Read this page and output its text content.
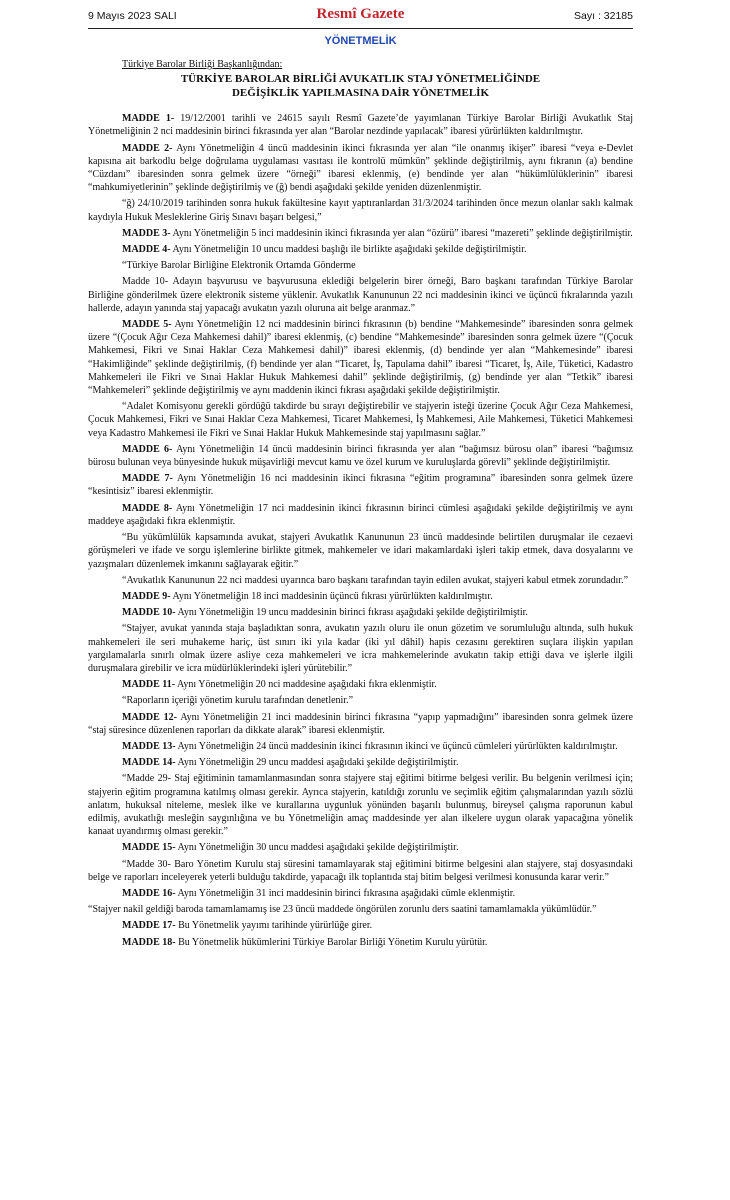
9 Mayıs 2023 SALI	Resmî Gazete	Sayı : 32185
YÖNETMELİK
Türkiye Barolar Birliği Başkanlığından:
TÜRKİYE BAROLAR BİRLİĞİ AVUKATLIK STAJ YÖNETMELİĞİNDE
DEĞİŞİKLİK YAPILMASINA DAİR YÖNETMELİK

MADDE 1- 19/12/2001 tarihli ve 24615 sayılı Resmî Gazete’de yayımlanan Türkiye Barolar Birliği Avukatlık Staj Yönetmeliğinin 2 nci maddesinin birinci fıkrasında yer alan “Barolar nezdinde yapılacak” ibaresi yürürlükten kaldırılmıştır.

MADDE 2- Aynı Yönetmeliğin 4 üncü maddesinin ikinci fıkrasında yer alan “ile onanmış ikişer” ibaresi “veya e-Devlet kapısına ait barkodlu belge doğrulama uygulaması vasıtası ile kontrolü mümkün” şeklinde değiştirilmiş, aynı fıkranın (a) bendine “Cüzdanı” ibaresinden sonra gelmek üzere “örneği” ibaresi eklenmiş, (e) bendinde yer alan “hükümlülüklerinin” ibaresi “mahkumiyetlerinin” şeklinde değiştirilmiş ve (ğ) bendi aşağıdaki şekilde yeniden düzenlenmiştir.

“ğ) 24/10/2019 tarihinden sonra hukuk fakültesine kayıt yaptıranlardan 31/3/2024 tarihinden önce mezun olanlar saklı kalmak kaydıyla Hukuk Mesleklerine Giriş Sınavı başarı belgesi,”

MADDE 3- Aynı Yönetmeliğin 5 inci maddesinin ikinci fıkrasında yer alan “özürü” ibaresi “mazereti” şeklinde değiştirilmiştir.

MADDE 4- Aynı Yönetmeliğin 10 uncu maddesi başlığı ile birlikte aşağıdaki şekilde değiştirilmiştir.

“Türkiye Barolar Birliğine Elektronik Ortamda Gönderme

Madde 10- Adayın başvurusu ve başvurusuna eklediği belgelerin birer örneği, Baro başkanı tarafından Türkiye Barolar Birliğine gönderilmek üzere elektronik sisteme yüklenir. Avukatlık Kanununun 22 nci maddesinin ikinci ve üçüncü fıkralarında yazılı hallerde, adayın yanında staj yapacağı avukatın yazılı oluruna ait belge aranmaz.”

MADDE 5- Aynı Yönetmeliğin 12 nci maddesinin birinci fıkrasının (b) bendine “Mahkemesinde” ibaresinden sonra gelmek üzere “(Çocuk Ağır Ceza Mahkemesi dahil)” ibaresi eklenmiş, (c) bendine “Mahkemesinde” ibaresinden sonra gelmek üzere “(Çocuk Mahkemesi, Fikri ve Sınai Haklar Ceza Mahkemesi dahil)” ibaresi eklenmiş, (d) bendinde yer alan “Mahkemesinde” ibaresi “Hakimliğinde” şeklinde değiştirilmiş, (f) bendinde yer alan “Ticaret, İş, Tapulama dahil” ibaresi “Ticaret, İş, Aile, Tüketici, Kadastro Mahkemeleri ile Fikri ve Sınai Haklar Hukuk Mahkemesi dahil” şeklinde değiştirilmiş, (g) bendinde yer alan “Tetkik” ibaresi “Mahkemeleri” şeklinde değiştirilmiş ve aynı maddenin ikinci fıkrası aşağıdaki şekilde değiştirilmiştir.

“Adalet Komisyonu gerekli gördüğü takdirde bu sırayı değiştirebilir ve stajyerin isteği üzerine Çocuk Ağır Ceza Mahkemesi, Çocuk Mahkemesi, Fikri ve Sınai Haklar Ceza Mahkemesi, Ticaret Mahkemesi, İş Mahkemesi, Aile Mahkemesi, Tüketici Mahkemesi veya Kadastro Mahkemesi ile Fikri ve Sınai Haklar Hukuk Mahkemesinde staj yapılmasını sağlar.”

MADDE 6- Aynı Yönetmeliğin 14 üncü maddesinin birinci fıkrasında yer alan “bağımsız bürosu olan” ibaresi “bağımsız bürosu bulunan veya bünyesinde hukuk müşavirliği mevcut kamu ve özel kurum ve kuruluşlarda görevli” şeklinde değiştirilmiştir.

MADDE 7- Aynı Yönetmeliğin 16 nci maddesinin ikinci fıkrasına “eğitim programına” ibaresinden sonra gelmek üzere “kesintisiz” ibaresi eklenmiştir.

MADDE 8- Aynı Yönetmeliğin 17 nci maddesinin ikinci fıkrasının birinci cümlesi aşağıdaki şekilde değiştirilmiş ve aynı maddeye aşağıdaki fıkra eklenmiştir.

“Bu yükümlülük kapsamında avukat, stajyeri Avukatlık Kanununun 23 üncü maddesinde belirtilen duruşmalar ile cezaevi görüşmeleri ve ifade ve sorgu işlemlerine birlikte gitmek, mahkemeler ve idari makamlardaki işleri takip etmek, dava dosyalarını ve yazışmaları düzenlemek imkanını sağlayarak eğitir.”

“Avukatlık Kanununun 22 nci maddesi uyarınca baro başkanı tarafından tayin edilen avukat, stajyeri kabul etmek zorundadır.”

MADDE 9- Aynı Yönetmeliğin 18 inci maddesinin üçüncü fıkrası yürürlükten kaldırılmıştır.

MADDE 10- Aynı Yönetmeliğin 19 uncu maddesinin birinci fıkrası aşağıdaki şekilde değiştirilmiştir.

“Stajyer, avukat yanında staja başladıktan sonra, avukatın yazılı oluru ile onun gözetim ve sorumluluğu altında, sulh hukuk mahkemeleri ile seri muhakeme hariç, üst sınırı iki yıla kadar (iki yıl dâhil) hapis cezasını gerektiren suçlara ilişkin yapılan yargılamalarla sınırlı olmak üzere asliye ceza mahkemeleri ve icra mahkemelerinde avukatın takip ettiği dava ve işlerle ilgili duruşmalara girebilir ve icra müdürlüklerindeki işleri yürütebilir.”

MADDE 11- Aynı Yönetmeliğin 20 nci maddesine aşağıdaki fıkra eklenmiştir.

“Raporların içeriği yönetim kurulu tarafından denetlenir.”

MADDE 12- Aynı Yönetmeliğin 21 inci maddesinin birinci fıkrasına “yapıp yapmadığını” ibaresinden sonra gelmek üzere “staj süresince düzenlenen raporları da dikkate alarak” ibaresi eklenmiştir.

MADDE 13- Aynı Yönetmeliğin 24 üncü maddesinin ikinci fıkrasının ikinci ve üçüncü cümleleri yürürlükten kaldırılmıştır.

MADDE 14- Aynı Yönetmeliğin 29 uncu maddesi aşağıdaki şekilde değiştirilmiştir.

“Madde 29- Staj eğitiminin tamamlanmasından sonra stajyere staj eğitimi bitirme belgesi verilir. Bu belgenin verilmesi için; stajyerin eğitim programına katılmış olması gerekir. Ayrıca stajyerin, katıldığı zorunlu ve seçimlik eğitim çalışmalarından yazılı sözlü anlatım, hukuksal niteleme, meslek ilke ve kurallarına uygunluk yönünden başarılı bulunmuş, bireysel çalışma raporunun kabul edilmiş, avukatlığı mesleğin saygınlığına ve bu Yönetmeliğin amaç maddesinde yer alan ilkelere uygun olarak yapacağına yönelik kanaat uyandırmış olması gerekir.”

MADDE 15- Aynı Yönetmeliğin 30 uncu maddesi aşağıdaki şekilde değiştirilmiştir.

“Madde 30- Baro Yönetim Kurulu staj süresini tamamlayarak staj eğitimini bitirme belgesini alan stajyere, staj dosyasındaki belge ve raporları inceleyerek yeterli bulduğu takdirde, yapacağı ilk toplantıda staj bitim belgesi verilmesi konusunda karar verir.”

MADDE 16- Aynı Yönetmeliğin 31 inci maddesinin birinci fıkrasına aşağıdaki cümle eklenmiştir.

“Stajyer nakil geldiği baroda tamamlamamış ise 23 üncü maddede öngörülen zorunlu ders saatini tamamlamakla yükümlüdür.”

MADDE 17- Bu Yönetmelik yayımı tarihinde yürürlüğe girer.

MADDE 18- Bu Yönetmelik hükümlerini Türkiye Barolar Birliği Yönetim Kurulu yürütür.
